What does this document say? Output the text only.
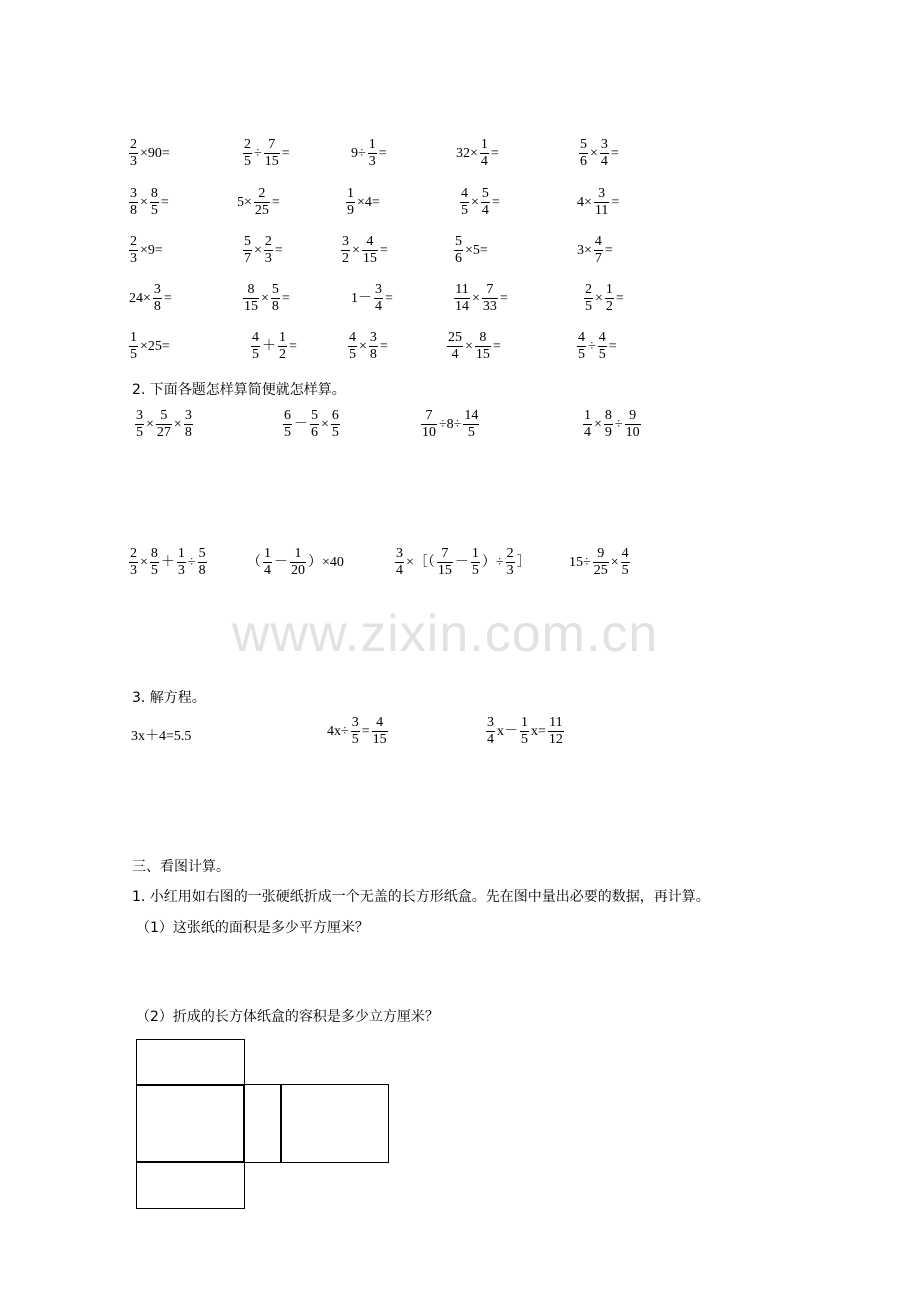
www.zixin.com.cn
$\frac{2}{3} \times 90=$	$\frac{2}{5} \div \frac{7}{15}$ =	$9\div \frac{1}{3}$ =	$32\times \frac{1}{4}$ =	$\frac{5}{6} \times \frac{3}{4}$ =
$\frac{3}{8} \times \frac{8}{5}$ =	$5\times \frac{2}{25}$ =	$\frac{1}{9} \times 4=$	$\frac{4}{5} \times \frac{5}{4}$ =	$4\times \frac{3}{11}$ =
$\frac{2}{3} \times 9=$	$\frac{5}{7} \times \frac{2}{3}$ =	$\frac{3}{2} \times \frac{4}{15}$ =	$\frac{5}{6} \times 5=$	$3\times \frac{4}{7}$ =
$24\times \frac{3}{8}$ =	$\frac{8}{15} \times \frac{5}{8}$ =	$1- \frac{3}{4}$ =	$\frac{11}{14} \times \frac{7}{33}$ =	$\frac{2}{5} \times \frac{1}{2}$ =
$\frac{1}{5} \times 25=$	$\frac{4}{5} + \frac{1}{2}$ =	$\frac{4}{5} \times \frac{3}{8}$ =	$\frac{25}{4} \times \frac{8}{15}$ =	$\frac{4}{5} \div \frac{4}{5}$ =
2. 下面各题怎样算简便就怎样算。
$\frac{3}{5} \times \frac{5}{27} \times \frac{3}{8}$	$\frac{6}{5} - \frac{5}{6} \times \frac{6}{5}$	$\frac{7}{10} \div 8\div \frac{14}{5}$	$\frac{1}{4} \times \frac{8}{9} \div \frac{9}{10}$
$\frac{2}{3} \times \frac{8}{5} + \frac{1}{3} \div \frac{5}{8}$	（ $\frac{1}{4} - \frac{1}{20} )\times 40$	$\frac{3}{4}$ ×［（ $\frac{7}{15} - \frac{1}{5}$ ）÷ $\frac{2}{3}$ ］	$15\div \frac{9}{25} \times \frac{4}{5}$
3. 解方程。
3x＋4=5.5	$4x\div \frac{3}{5} = \frac{4}{15}$	$\frac{3}{4} x- \frac{1}{5} x= \frac{11}{12}$
三、看图计算。
1. 小红用如右图的一张硬纸折成一个无盖的长方形纸盒。先在图中量出必要的数据，再计算。
（1）这张纸的面积是多少平方厘米？
（2）折成的长方体纸盒的容积是多少立方厘米？
